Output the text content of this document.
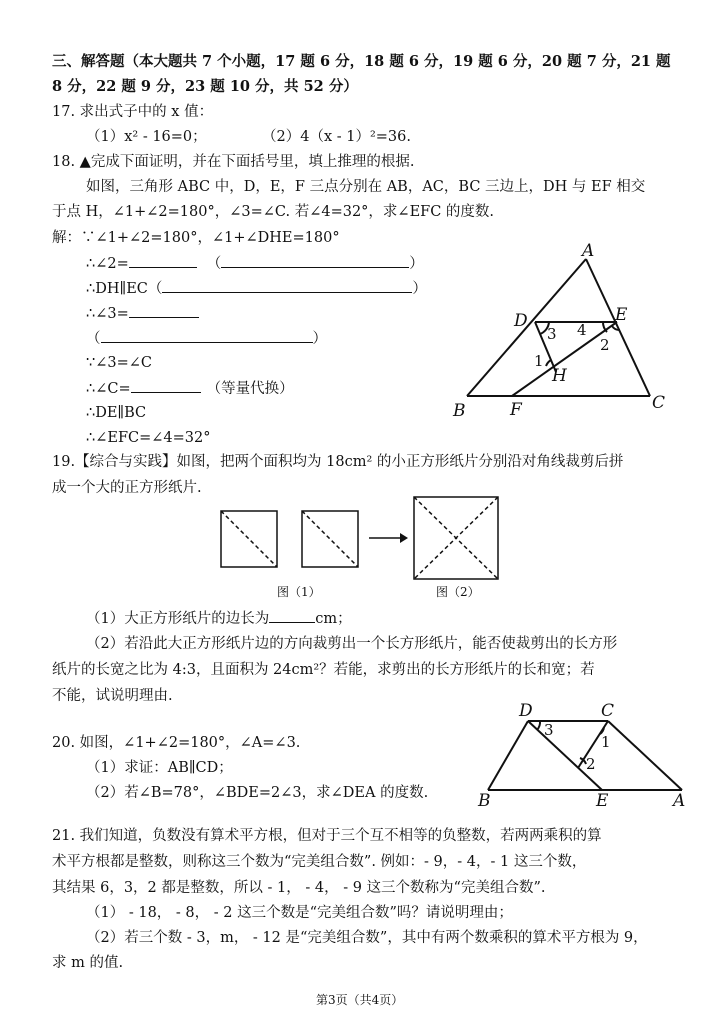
三、解答题（本大题共 7 个小题，17 题 6 分，18 题 6 分，19 题 6 分，20 题 7 分，21 题
8 分，22 题 9 分，23 题 10 分，共 52 分）
17. 求出式子中的 x 值：
（1）x² - 16=0；	（2）4（x - 1）²=36.
18. ▲完成下面证明，并在下面括号里，填上推理的根据.
如图，三角形 ABC 中，D，E，F 三点分别在 AB，AC，BC 三边上，DH 与 EF 相交
于点 H，∠1+∠2=180°，∠3=∠C. 若∠4=32°，求∠EFC 的度数.
解：∵∠1+∠2=180°，∠1+∠DHE=180°
∴∠2=	（	）
∴DH∥EC（	）
∴∠3=
（	）
∵∠3=∠C
∴∠C=	（等量代换）
∴DE∥BC
∴∠EFC=∠4=32°
A
B	C
D	E
F
H
3 4
2
1
19.【综合与实践】如图，把两个面积均为 18cm² 的小正方形纸片分别沿对角线裁剪后拼
成一个大的正方形纸片.
图（1）	图（2）
（1）大正方形纸片的边长为	cm；
（2）若沿此大正方形纸片边的方向裁剪出一个长方形纸片，能否使裁剪出的长方形
纸片的长宽之比为 4:3，且面积为 24cm²？若能，求剪出的长方形纸片的长和宽；若
不能，试说明理由.
20. 如图，∠1+∠2=180°，∠A=∠3.
（1）求证：AB∥CD；
（2）若∠B=78°，∠BDE=2∠3，求∠DEA 的度数.
D	C
B	E	A
3
1
2
21. 我们知道，负数没有算术平方根，但对于三个互不相等的负整数，若两两乘积的算
术平方根都是整数，则称这三个数为“完美组合数”. 例如：- 9，- 4，- 1 这三个数，
其结果 6，3，2 都是整数，所以 - 1， - 4， - 9 这三个数称为“完美组合数”.
（1） - 18， - 8， - 2 这三个数是“完美组合数”吗？请说明理由；
（2）若三个数 - 3，m， - 12 是“完美组合数”，其中有两个数乘积的算术平方根为 9，
求 m 的值.
第3页（共4页）
